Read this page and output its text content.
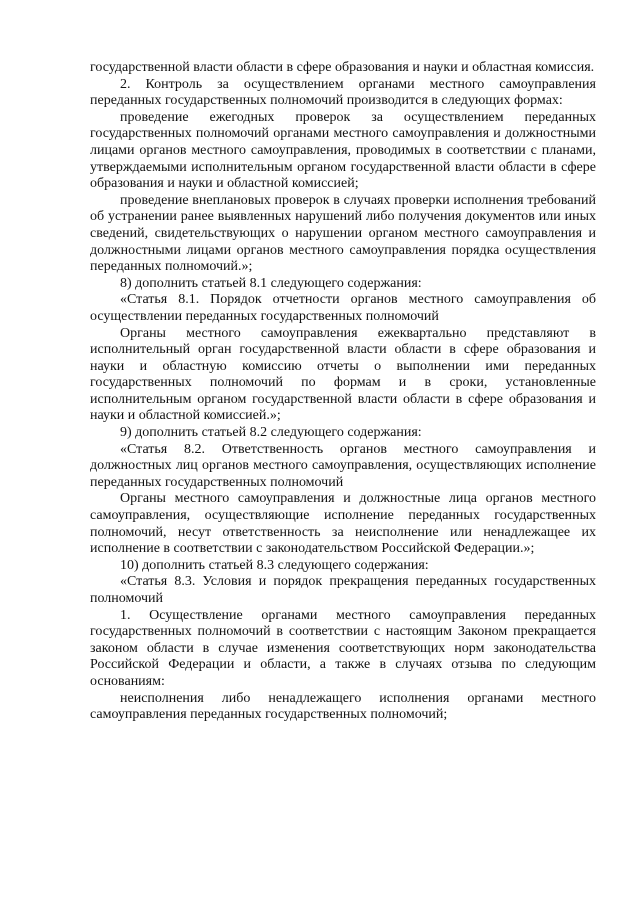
государственной власти области в сфере образования и науки и областная комиссия.

2. Контроль за осуществлением органами местного самоуправления переданных государственных полномочий производится в следующих формах:

проведение ежегодных проверок за осуществлением переданных государственных полномочий органами местного самоуправления и должностными лицами органов местного самоуправления, проводимых в соответствии с планами, утверждаемыми исполнительным органом государственной власти области в сфере образования и науки и областной комиссией;

проведение внеплановых проверок в случаях проверки исполнения требований об устранении ранее выявленных нарушений либо получения документов или иных сведений, свидетельствующих о нарушении органом местного самоуправления и должностными лицами органов местного самоуправления порядка осуществления переданных полномочий.»;

8) дополнить статьей 8.1 следующего содержания:

«Статья 8.1. Порядок отчетности органов местного самоуправления об осуществлении переданных государственных полномочий

Органы местного самоуправления ежеквартально представляют в исполнительный орган государственной власти области в сфере образования и науки и областную комиссию отчеты о выполнении ими переданных государственных полномочий по формам и в сроки, установленные исполнительным органом государственной власти области в сфере образования и науки и областной комиссией.»;

9) дополнить статьей 8.2 следующего содержания:

«Статья 8.2. Ответственность органов местного самоуправления и должностных лиц органов местного самоуправления, осуществляющих исполнение переданных государственных полномочий

Органы местного самоуправления и должностные лица органов местного самоуправления, осуществляющие исполнение переданных государственных полномочий, несут ответственность за неисполнение или ненадлежащее их исполнение в соответствии с законодательством Российской Федерации.»;

10) дополнить статьей 8.3 следующего содержания:

«Статья 8.3. Условия и порядок прекращения переданных государственных полномочий

1. Осуществление органами местного самоуправления переданных государственных полномочий в соответствии с настоящим Законом прекращается законом области в случае изменения соответствующих норм законодательства Российской Федерации и области, а также в случаях отзыва по следующим основаниям:

неисполнения либо ненадлежащего исполнения органами местного самоуправления переданных государственных полномочий;
